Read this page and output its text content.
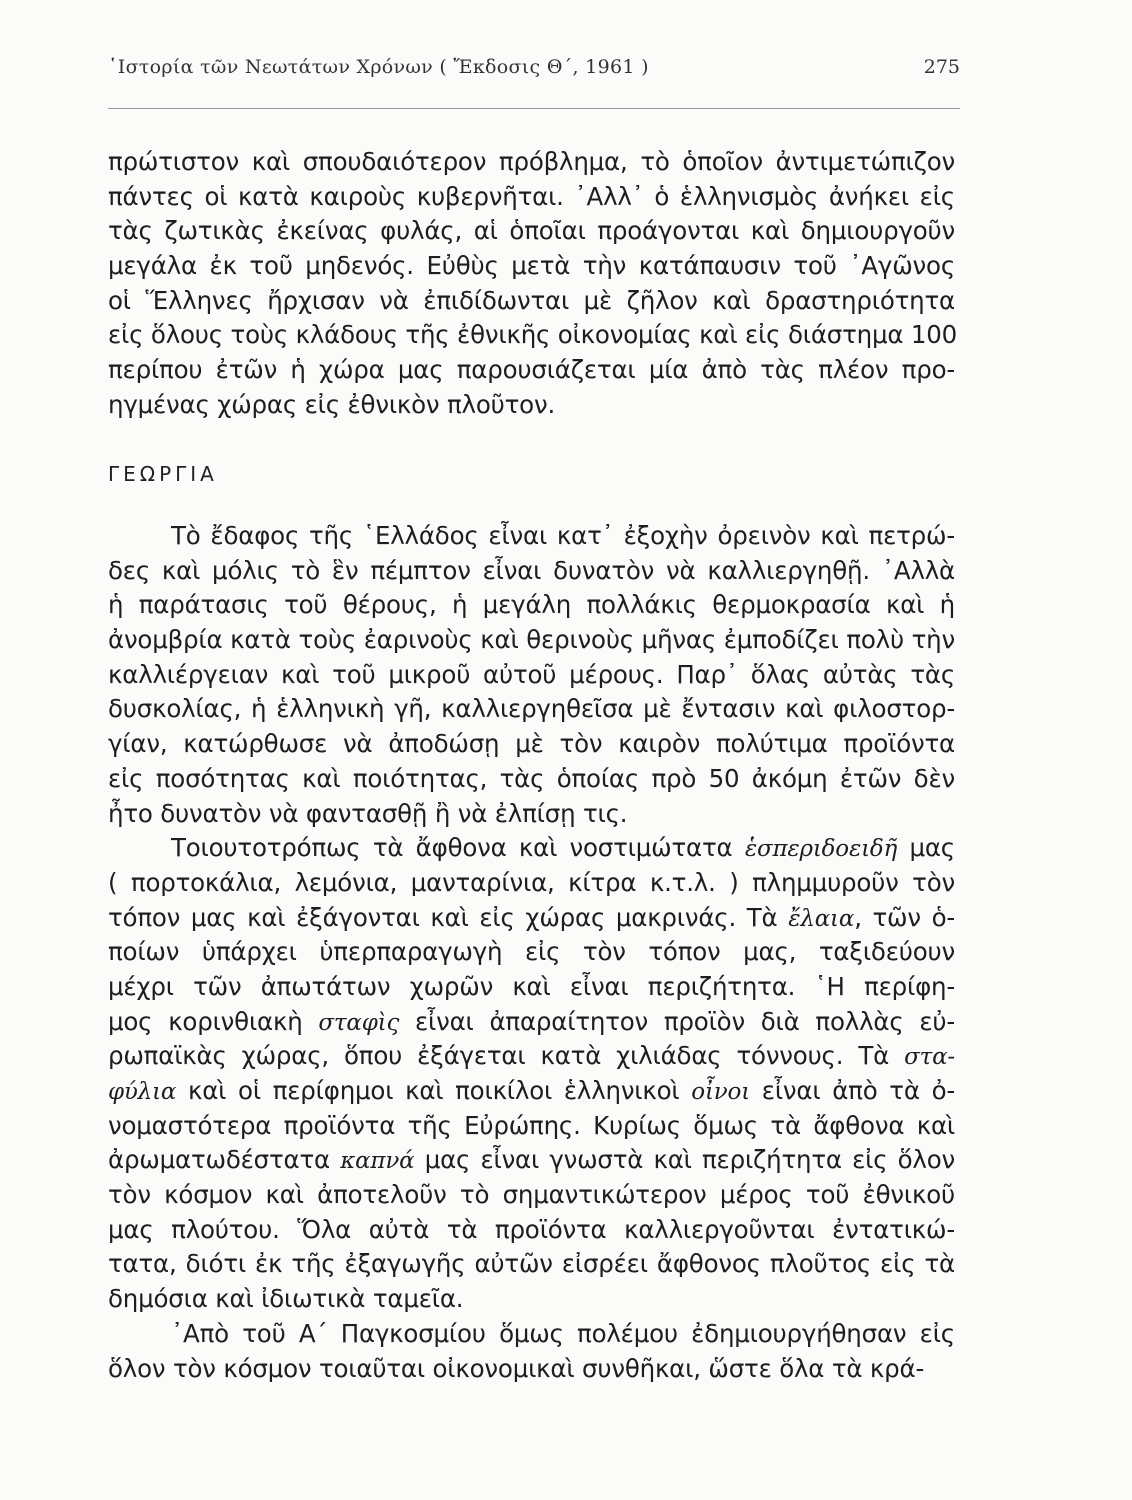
῾Ιστορία τῶν Νεωτάτων Χρόνων ( Ἔκδοσις Θ΄, 1961 )	275
πρώτιστον καὶ σπουδαιότερον πρόβλημα, τὸ ὁποῖον ἀντιμετώπιζον
πάντες οἱ κατὰ καιροὺς κυβερνῆται. ᾿Αλλ᾿ ὁ ἑλληνισμὸς ἀνήκει εἰς
τὰς ζωτικὰς ἐκείνας φυλάς, αἱ ὁποῖαι προάγονται καὶ δημιουργοῦν
μεγάλα ἐκ τοῦ μηδενός. Εὐθὺς μετὰ τὴν κατάπαυσιν τοῦ ᾿Αγῶνος
οἱ Ἕλληνες ἤρχισαν νὰ ἐπιδίδωνται μὲ ζῆλον καὶ δραστηριότητα
εἰς ὅλους τοὺς κλάδους τῆς ἐθνικῆς οἰκονομίας καὶ εἰς διάστημα 100
περίπου ἐτῶν ἡ χώρα μας παρουσιάζεται μία ἀπὸ τὰς πλέον προ-
ηγμένας χώρας εἰς ἐθνικὸν πλοῦτον.
ΓΕΩΡΓΙΑ
Τὸ ἔδαφος τῆς ῾Ελλάδος εἶναι κατ᾿ ἐξοχὴν ὀρεινὸν καὶ πετρώ-
δες καὶ μόλις τὸ ἓν πέμπτον εἶναι δυνατὸν νὰ καλλιεργηθῇ. ᾿Αλλὰ
ἡ παράτασις τοῦ θέρους, ἡ μεγάλη πολλάκις θερμοκρασία καὶ ἡ
ἀνομβρία κατὰ τοὺς ἐαρινοὺς καὶ θερινοὺς μῆνας ἐμποδίζει πολὺ τὴν
καλλιέργειαν καὶ τοῦ μικροῦ αὐτοῦ μέρους. Παρ᾿ ὅλας αὐτὰς τὰς
δυσκολίας, ἡ ἑλληνικὴ γῆ, καλλιεργηθεῖσα μὲ ἔντασιν καὶ φιλοστορ-
γίαν, κατώρθωσε νὰ ἀποδώσῃ μὲ τὸν καιρὸν πολύτιμα προϊόντα
εἰς ποσότητας καὶ ποιότητας, τὰς ὁποίας πρὸ 50 ἀκόμη ἐτῶν δὲν
ἦτο δυνατὸν νὰ φαντασθῇ ἢ νὰ ἐλπίσῃ τις.
Τοιουτοτρόπως τὰ ἄφθονα καὶ νοστιμώτατα ἑσπεριδοειδῆ μας
( πορτοκάλια, λεμόνια, μανταρίνια, κίτρα κ.τ.λ. ) πλημμυροῦν τὸν
τόπον μας καὶ ἐξάγονται καὶ εἰς χώρας μακρινάς. Τὰ ἔλαια, τῶν ὁ-
ποίων ὑπάρχει ὑπερπαραγωγὴ εἰς τὸν τόπον μας, ταξιδεύουν
μέχρι τῶν ἀπωτάτων χωρῶν καὶ εἶναι περιζήτητα. ῾Η περίφη-
μος κορινθιακὴ σταφὶς εἶναι ἀπαραίτητον προϊὸν διὰ πολλὰς εὐ-
ρωπαϊκὰς χώρας, ὅπου ἐξάγεται κατὰ χιλιάδας τόννους. Τὰ στα-
φύλια καὶ οἱ περίφημοι καὶ ποικίλοι ἑλληνικοὶ οἶνοι εἶναι ἀπὸ τὰ ὀ-
νομαστότερα προϊόντα τῆς Εὐρώπης. Κυρίως ὅμως τὰ ἄφθονα καὶ
ἀρωματωδέστατα καπνά μας εἶναι γνωστὰ καὶ περιζήτητα εἰς ὅλον
τὸν κόσμον καὶ ἀποτελοῦν τὸ σημαντικώτερον μέρος τοῦ ἐθνικοῦ
μας πλούτου. Ὅλα αὐτὰ τὰ προϊόντα καλλιεργοῦνται ἐντατικώ-
τατα, διότι ἐκ τῆς ἐξαγωγῆς αὐτῶν εἰσρέει ἄφθονος πλοῦτος εἰς τὰ
δημόσια καὶ ἰδιωτικὰ ταμεῖα.
᾿Απὸ τοῦ Α΄ Παγκοσμίου ὅμως πολέμου ἐδημιουργήθησαν εἰς
ὅλον τὸν κόσμον τοιαῦται οἰκονομικαὶ συνθῆκαι, ὥστε ὅλα τὰ κρά-
